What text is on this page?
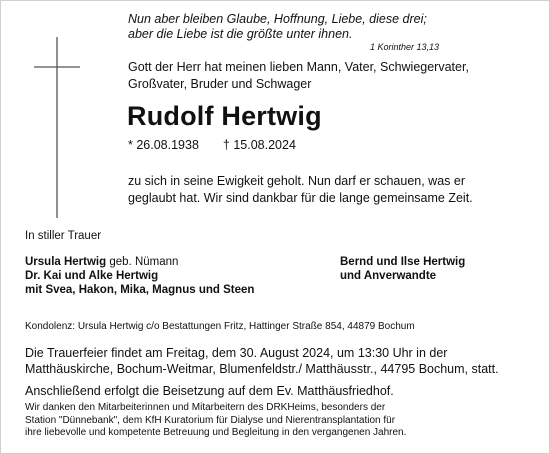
Nun aber bleiben Glaube, Hoffnung, Liebe, diese drei;
aber die Liebe ist die größte unter ihnen.
1 Korinther 13,13
Gott der Herr hat meinen lieben Mann, Vater, Schwiegervater,
Großvater, Bruder und Schwager
Rudolf Hertwig
* 26.08.1938 † 15.08.2024
zu sich in seine Ewigkeit geholt. Nun darf er schauen, was er
geglaubt hat. Wir sind dankbar für die lange gemeinsame Zeit.
In stiller Trauer
Ursula Hertwig geb. Nümann
Dr. Kai und Alke Hertwig
mit Svea, Hakon, Mika, Magnus und Steen
Bernd und Ilse Hertwig
und Anverwandte
Kondolenz: Ursula Hertwig c/o Bestattungen Fritz, Hattinger Straße 854, 44879 Bochum
Die Trauerfeier findet am Freitag, dem 30. August 2024, um 13:30 Uhr in der
Matthäuskirche, Bochum-Weitmar, Blumenfeldstr./ Matthäusstr., 44795 Bochum, statt.
Anschließend erfolgt die Beisetzung auf dem Ev. Matthäusfriedhof.
Wir danken den Mitarbeiterinnen und Mitarbeitern des DRKHeims, besonders der
Station "Dünnebank", dem KfH Kuratorium für Dialyse und Nierentransplantation für
ihre liebevolle und kompetente Betreuung und Begleitung in den vergangenen Jahren.
